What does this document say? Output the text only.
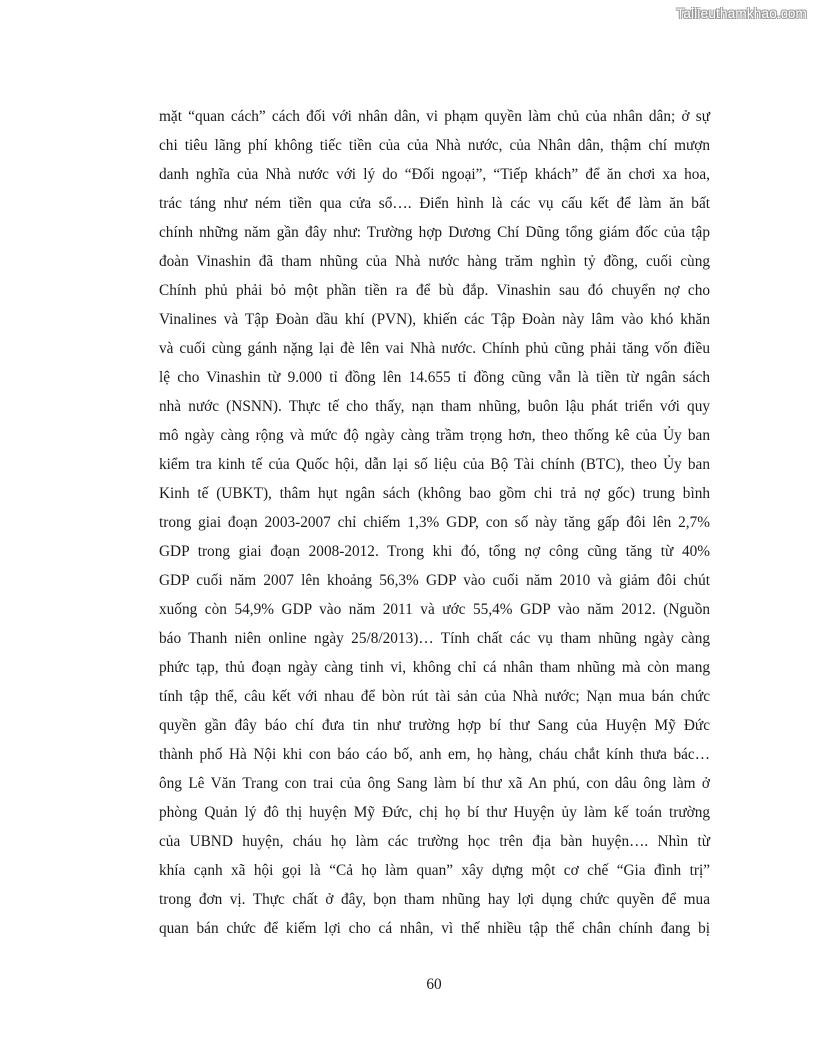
Tailieuthamkhao.com
mặt “quan cách” cách đối với nhân dân, vi phạm quyền làm chủ của nhân dân; ở sự
chi tiêu lãng phí không tiếc tiền của của Nhà nước, của Nhân dân, thậm chí mượn
danh nghĩa của Nhà nước với lý do “Đối ngoại”, “Tiếp khách” để ăn chơi xa hoa,
trác táng như ném tiền qua cửa sổ…. Điển hình là các vụ cấu kết để làm ăn bất
chính những năm gần đây như: Trường hợp Dương Chí Dũng tổng giám đốc của tập
đoàn Vinashin đã tham nhũng của Nhà nước hàng trăm nghìn tỷ đồng, cuối cùng
Chính phủ phải bỏ một phần tiền ra để bù đắp. Vinashin sau đó chuyển nợ cho
Vinalines và Tập Đoàn dầu khí (PVN), khiến các Tập Đoàn này lâm vào khó khăn
và cuối cùng gánh nặng lại đè lên vai Nhà nước. Chính phủ cũng phải tăng vốn điều
lệ cho Vinashin từ 9.000 tỉ đồng lên 14.655 tỉ đồng cũng vẫn là tiền từ ngân sách
nhà nước (NSNN). Thực tế cho thấy, nạn tham nhũng, buôn lậu phát triển với quy
mô ngày càng rộng và mức độ ngày càng trầm trọng hơn, theo thống kê của Ủy ban
kiểm tra kinh tế của Quốc hội, dẫn lại số liệu của Bộ Tài chính (BTC), theo Ủy ban
Kinh tế (UBKT), thâm hụt ngân sách (không bao gồm chi trả nợ gốc) trung bình
trong giai đoạn 2003-2007 chỉ chiếm 1,3% GDP, con số này tăng gấp đôi lên 2,7%
GDP trong giai đoạn 2008-2012. Trong khi đó, tổng nợ công cũng tăng từ 40%
GDP cuối năm 2007 lên khoảng 56,3% GDP vào cuối năm 2010 và giảm đôi chút
xuống còn 54,9% GDP vào năm 2011 và ước 55,4% GDP vào năm 2012. (Nguồn
báo Thanh niên online ngày 25/8/2013)… Tính chất các vụ tham nhũng ngày càng
phức tạp, thủ đoạn ngày càng tinh vi, không chỉ cá nhân tham nhũng mà còn mang
tính tập thể, câu kết với nhau để bòn rút tài sản của Nhà nước; Nạn mua bán chức
quyền gần đây báo chí đưa tin như trường hợp bí thư Sang của Huyện Mỹ Đức
thành phố Hà Nội khi con báo cáo bố, anh em, họ hàng, cháu chắt kính thưa bác…
ông Lê Văn Trang con trai của ông Sang làm bí thư xã An phú, con dâu ông làm ở
phòng Quản lý đô thị huyện Mỹ Đức, chị họ bí thư Huyện ủy làm kế toán trường
của UBND huyện, cháu họ làm các trường học trên địa bàn huyện…. Nhìn từ
khía cạnh xã hội gọi là “Cả họ làm quan” xây dựng một cơ chế “Gia đình trị”
trong đơn vị. Thực chất ở đây, bọn tham nhũng hay lợi dụng chức quyền để mua
quan bán chức để kiếm lợi cho cá nhân, vì thế nhiều tập thể chân chính đang bị
60
